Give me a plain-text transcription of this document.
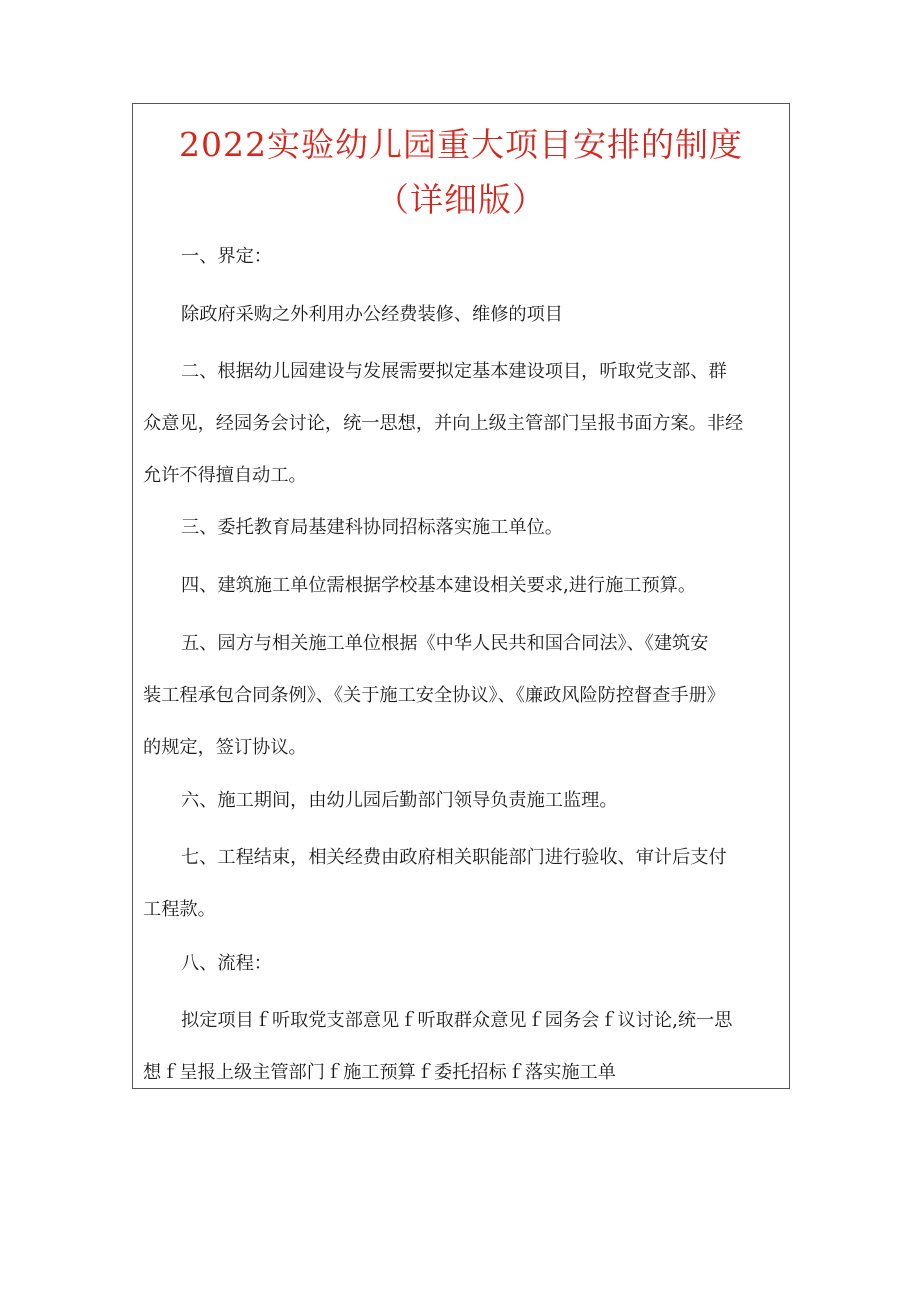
2022实验幼儿园重大项目安排的制度
（详细版）

一、界定：

除政府采购之外利用办公经费装修、维修的项目

二、根据幼儿园建设与发展需要拟定基本建设项目，听取党支部、群
众意见，经园务会讨论，统一思想，并向上级主管部门呈报书面方案。非经
允许不得擅自动工。

三、委托教育局基建科协同招标落实施工单位。

四、建筑施工单位需根据学校基本建设相关要求,进行施工预算。

五、园方与相关施工单位根据《中华人民共和国合同法》、《建筑安
装工程承包合同条例》、《关于施工安全协议》、《廉政风险防控督查手册》
的规定，签订协议。

六、施工期间，由幼儿园后勤部门领导负责施工监理。

七、工程结束，相关经费由政府相关职能部门进行验收、审计后支付
工程款。

八、流程：

拟定项目ｆ听取党支部意见ｆ听取群众意见ｆ园务会ｆ议讨论,统一思
想ｆ呈报上级主管部门ｆ施工预算ｆ委托招标ｆ落实施工单
